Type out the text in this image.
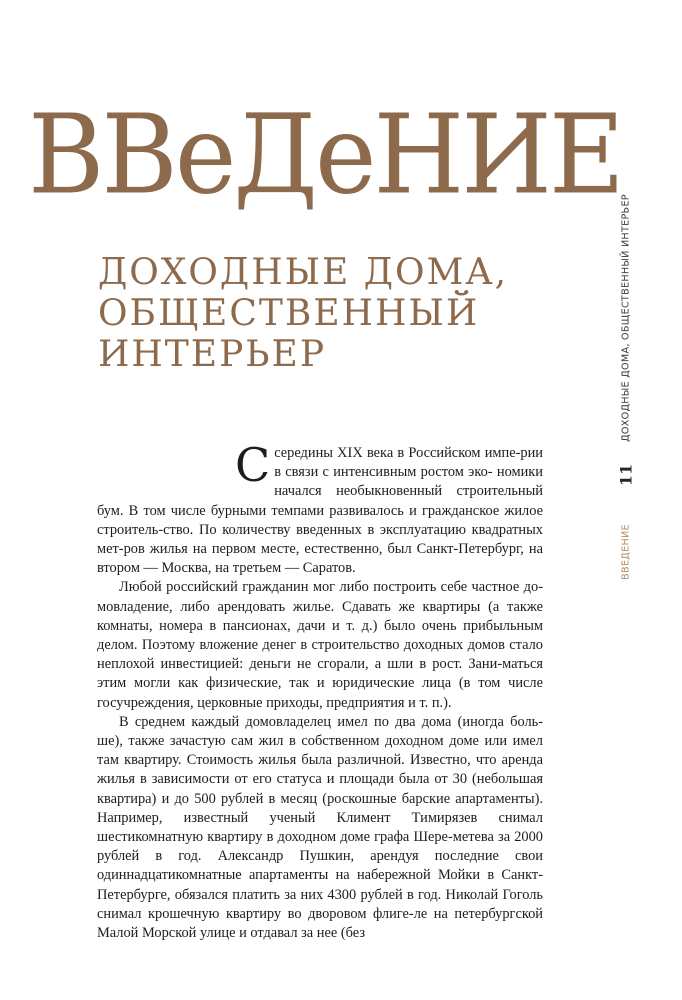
ВВеДеНИЕ
ДОХОДНЫЕ ДОМА,
ОБЩЕСТВЕННЫЙ
ИНТЕРЬЕР

Ссередины XIX века в Российском импе-рии в связи с интенсивным ростом эко- номики начался необыкновенный строительный бум. В том числе бурными темпами развивалось и гражданское жилое строитель-ство. По количеству введенных в эксплуатацию квадратных мет-ров жилья на первом месте, естественно, был Санкт-Петербург, на втором — Москва, на третьем — Саратов.

Любой российский гражданин мог либо построить себе частное до-мовладение, либо арендовать жилье. Сдавать же квартиры (а также комнаты, номера в пансионах, дачи и т. д.) было очень прибыльным делом. Поэтому вложение денег в строительство доходных домов стало неплохой инвестицией: деньги не сгорали, а шли в рост. Зани-маться этим могли как физические, так и юридические лица (в том числе госучреждения, церковные приходы, предприятия и т. п.).

В среднем каждый домовладелец имел по два дома (иногда боль-ше), также зачастую сам жил в собственном доходном доме или имел там квартиру. Стоимость жилья была различной. Известно, что аренда жилья в зависимости от его статуса и площади была от 30 (небольшая квартира) и до 500 рублей в месяц (роскошные барские апартаменты). Например, известный ученый Климент Тимирязев снимал шестикомнатную квартиру в доходном доме графа Шере-метева за 2000 рублей в год. Александр Пушкин, арендуя последние свои одиннадцатикомнатные апартаменты на набережной Мойки в Санкт-Петербурге, обязался платить за них 4300 рублей в год. Николай Гоголь снимал крошечную квартиру во дворовом флиге-ле на петербургской Малой Морской улице и отдавал за нее (без

ДОХОДНЫЕ ДОМА, ОБЩЕСТВЕННЫЙ ИНТЕРЬЕР
11
ВВЕДЕНИЕ
